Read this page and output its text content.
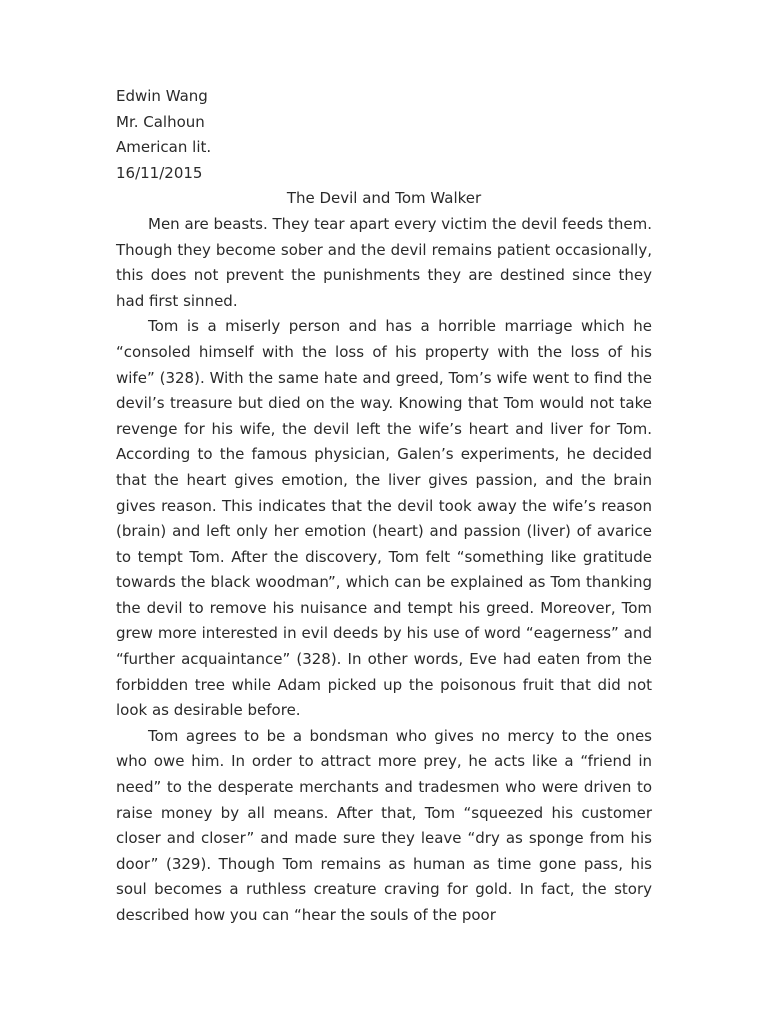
Edwin Wang
Mr. Calhoun
American lit.
16/11/2015
The Devil and Tom Walker

Men are beasts. They tear apart every victim the devil feeds them. Though they become sober and the devil remains patient occasionally, this does not prevent the punishments they are destined since they had first sinned.

Tom is a miserly person and has a horrible marriage which he “consoled himself with the loss of his property with the loss of his wife” (328). With the same hate and greed, Tom’s wife went to find the devil’s treasure but died on the way. Knowing that Tom would not take revenge for his wife, the devil left the wife’s heart and liver for Tom. According to the famous physician, Galen’s experiments, he decided that the heart gives emotion, the liver gives passion, and the brain gives reason. This indicates that the devil took away the wife’s reason (brain) and left only her emotion (heart) and passion (liver) of avarice to tempt Tom. After the discovery, Tom felt “something like gratitude towards the black woodman”, which can be explained as Tom thanking the devil to remove his nuisance and tempt his greed. Moreover, Tom grew more interested in evil deeds by his use of word “eagerness” and “further acquaintance” (328). In other words, Eve had eaten from the forbidden tree while Adam picked up the poisonous fruit that did not look as desirable before.

Tom agrees to be a bondsman who gives no mercy to the ones who owe him. In order to attract more prey, he acts like a “friend in need” to the desperate merchants and tradesmen who were driven to raise money by all means. After that, Tom “squeezed his customer closer and closer” and made sure they leave “dry as sponge from his door” (329). Though Tom remains as human as time gone pass, his soul becomes a ruthless creature craving for gold. In fact, the story described how you can “hear the souls of the poor
